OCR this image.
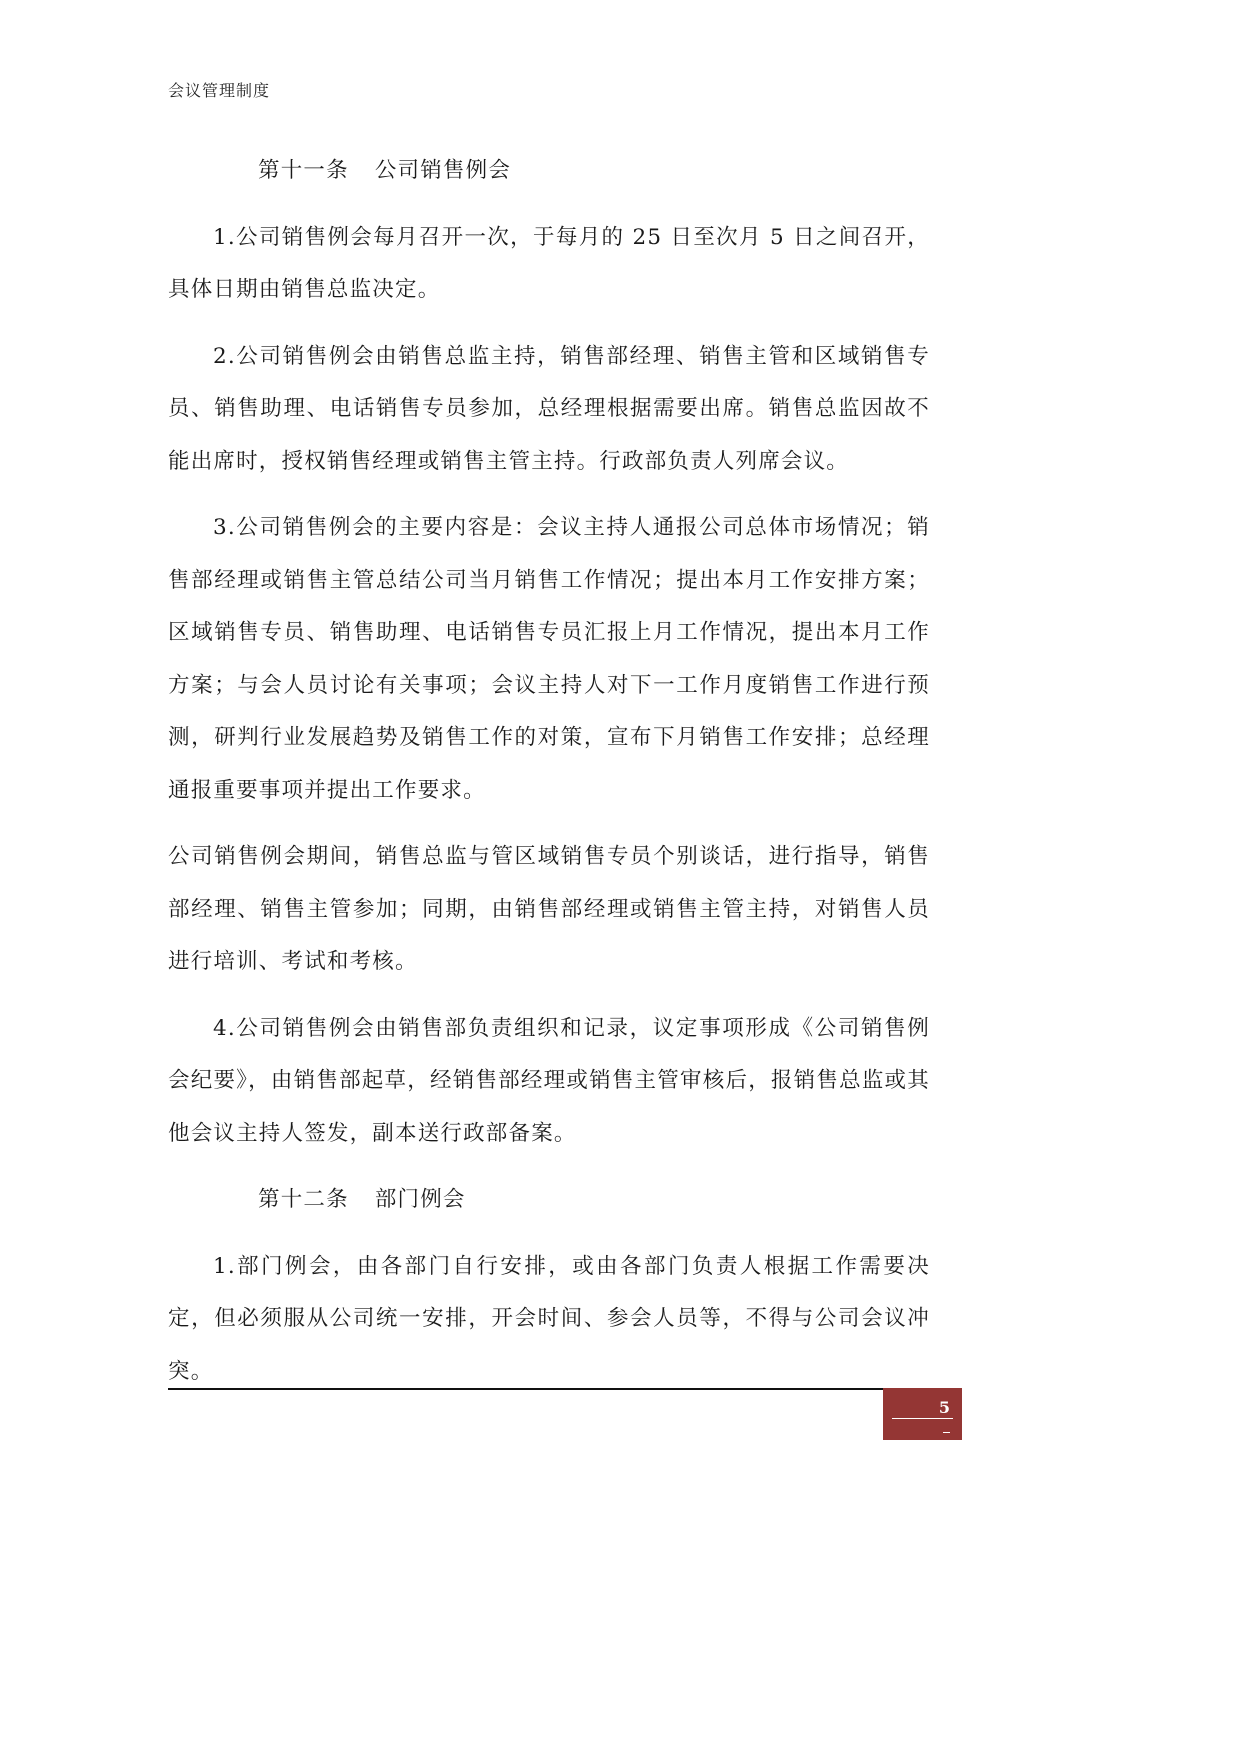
会议管理制度

第十一条 公司销售例会

1.公司销售例会每月召开一次，于每月的 25 日至次月 5 日之间召开，具体日期由销售总监决定。

2.公司销售例会由销售总监主持，销售部经理、销售主管和区域销售专员、销售助理、电话销售专员参加，总经理根据需要出席。销售总监因故不能出席时，授权销售经理或销售主管主持。行政部负责人列席会议。

3.公司销售例会的主要内容是：会议主持人通报公司总体市场情况；销售部经理或销售主管总结公司当月销售工作情况；提出本月工作安排方案；区域销售专员、销售助理、电话销售专员汇报上月工作情况，提出本月工作方案；与会人员讨论有关事项；会议主持人对下一工作月度销售工作进行预测，研判行业发展趋势及销售工作的对策，宣布下月销售工作安排；总经理通报重要事项并提出工作要求。

公司销售例会期间，销售总监与管区域销售专员个别谈话，进行指导，销售部经理、销售主管参加；同期，由销售部经理或销售主管主持，对销售人员进行培训、考试和考核。

4.公司销售例会由销售部负责组织和记录，议定事项形成《公司销售例会纪要》，由销售部起草，经销售部经理或销售主管审核后，报销售总监或其他会议主持人签发，副本送行政部备案。

第十二条 部门例会

1.部门例会，由各部门自行安排，或由各部门负责人根据工作需要决定，但必须服从公司统一安排，开会时间、参会人员等，不得与公司会议冲突。

5
